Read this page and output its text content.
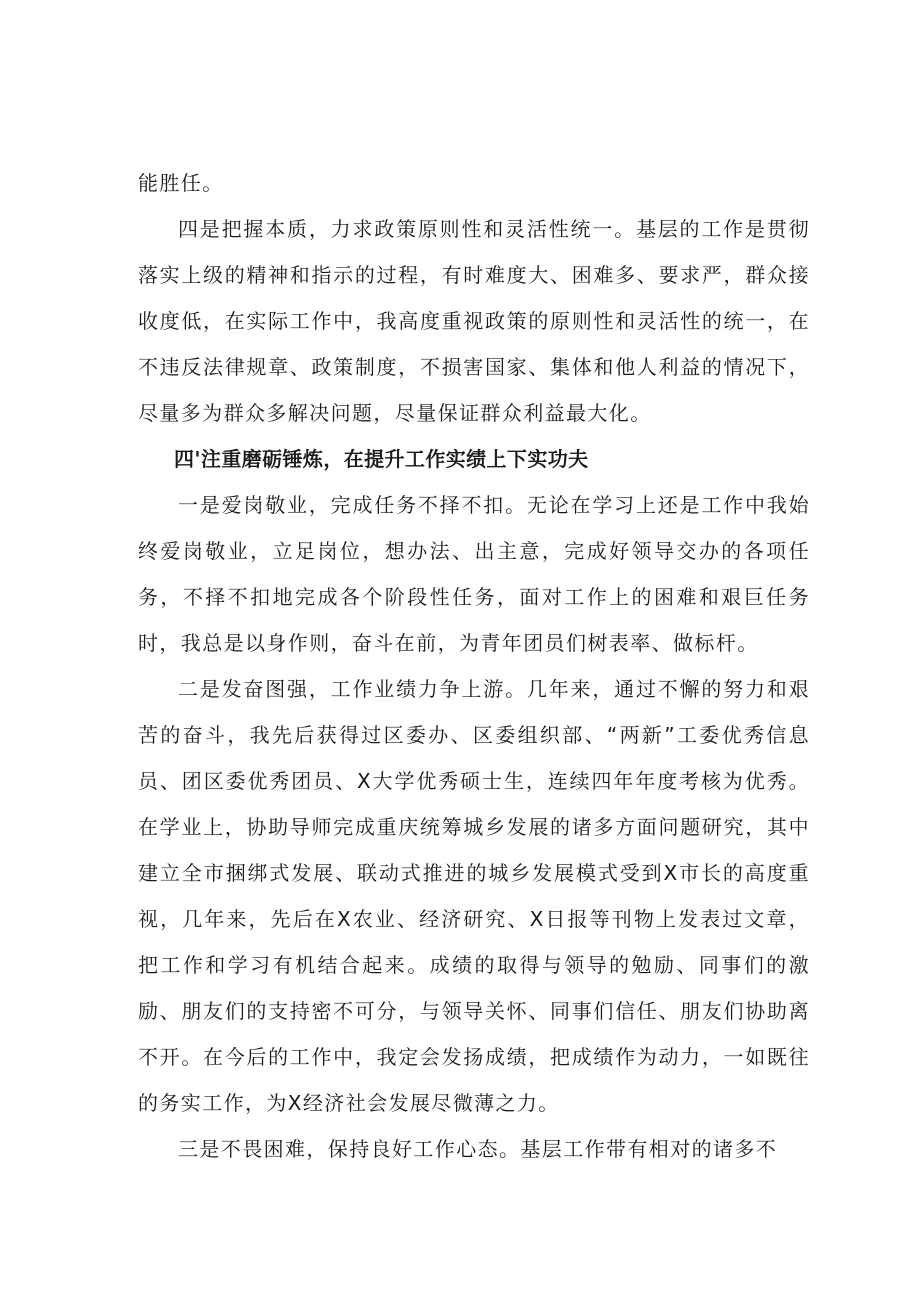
能胜任。

四是把握本质，力求政策原则性和灵活性统一。基层的工作是贯彻落实上级的精神和指示的过程，有时难度大、困难多、要求严，群众接收度低，在实际工作中，我高度重视政策的原则性和灵活性的统一，在不违反法律规章、政策制度，不损害国家、集体和他人利益的情况下，尽量多为群众多解决问题，尽量保证群众利益最大化。

四'注重磨砺锤炼，在提升工作实绩上下实功夫

一是爱岗敬业，完成任务不择不扣。无论在学习上还是工作中我始终爱岗敬业，立足岗位，想办法、出主意，完成好领导交办的各项任务，不择不扣地完成各个阶段性任务，面对工作上的困难和艰巨任务时，我总是以身作则，奋斗在前，为青年团员们树表率、做标杆。

二是发奋图强，工作业绩力争上游。几年来，通过不懈的努力和艰苦的奋斗，我先后获得过区委办、区委组织部、“两新”工委优秀信息员、团区委优秀团员、X大学优秀硕士生，连续四年年度考核为优秀。在学业上，协助导师完成重庆统筹城乡发展的诸多方面问题研究，其中建立全市捆绑式发展、联动式推进的城乡发展模式受到X市长的高度重视，几年来，先后在X农业、经济研究、X日报等刊物上发表过文章，把工作和学习有机结合起来。成绩的取得与领导的勉励、同事们的激励、朋友们的支持密不可分，与领导关怀、同事们信任、朋友们协助离不开。在今后的工作中，我定会发扬成绩，把成绩作为动力，一如既往的务实工作，为X经济社会发展尽微薄之力。

三是不畏困难，保持良好工作心态。基层工作带有相对的诸多不
